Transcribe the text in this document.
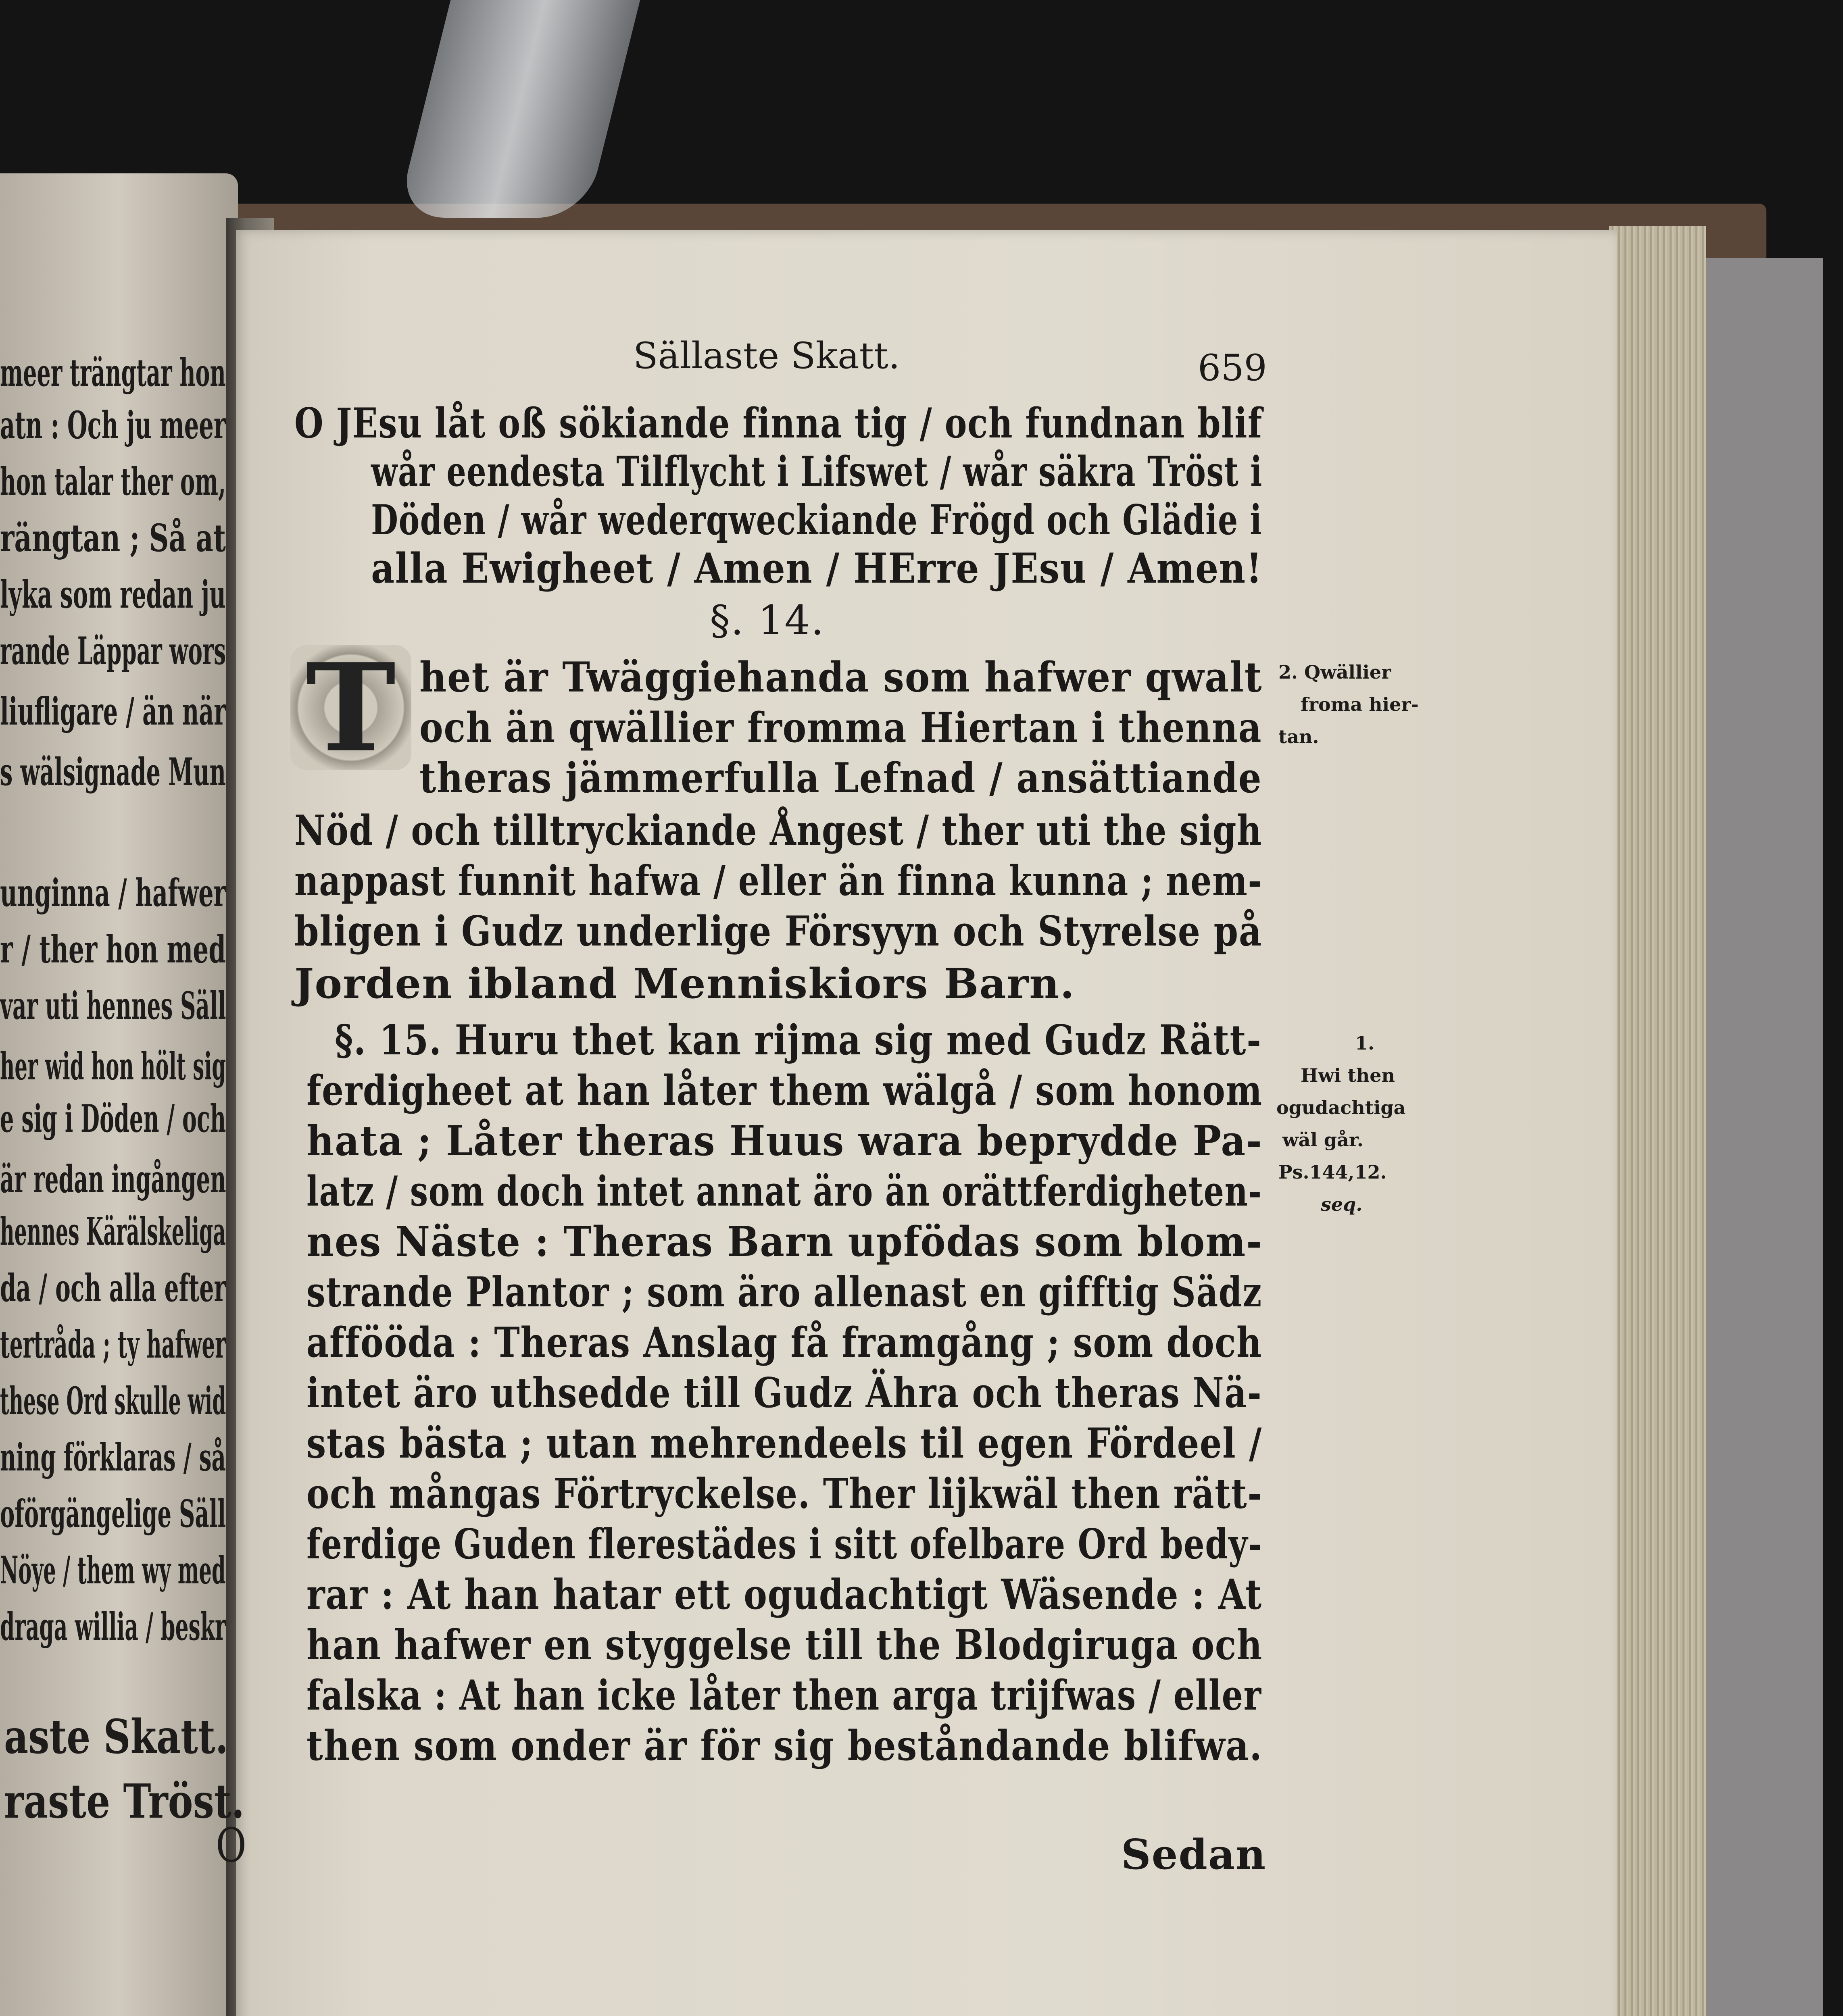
meer trängtar hon
atn : Och ju meer
hon talar ther om,
rängtan ; Så at
lyka som redan ju
rande Läppar wors
liufligare / än när
s wälsignade Mun
unginna / hafwer
r / ther hon med
var uti hennes Säll
her wid hon hölt sig
e sig i Döden / och
är redan ingången
hennes Kärälskeliga
da / och alla efter
tertråda ; ty hafwer
these Ord skulle wid
ning förklaras / så
oförgängelige Säll
Nöye / them wy med
draga willia / beskr
aste Skatt.
raste Tröst.
O
Sällaste Skatt.	659
T
O JEsu låt oß sökiande finna tig / och fundnan blif
wår eendesta Tilflycht i Lifswet / wår säkra Tröst i
Döden / wår wederqweckiande Frögd och Glädie i
alla Ewigheet / Amen / HErre JEsu / Amen!
§. 14.
het är Twäggiehanda som hafwer qwalt
och än qwällier fromma Hiertan i thenna
theras jämmerfulla Lefnad / ansättiande
Nöd / och tilltryckiande Ångest / ther uti the sigh
nappast funnit hafwa / eller än finna kunna ; nem-
bligen i Gudz underlige Försyyn och Styrelse på
Jorden ibland Menniskiors Barn.
§. 15. Huru thet kan rijma sig med Gudz Rätt-
ferdigheet at han låter them wälgå / som honom
hata ; Låter theras Huus wara beprydde Pa-
latz / som doch intet annat äro än orättferdigheten-
nes Näste : Theras Barn upfödas som blom-
strande Plantor ; som äro allenast en gifftig Sädz
affööda : Theras Anslag få framgång ; som doch
intet äro uthsedde till Gudz Ähra och theras Nä-
stas bästa ; utan mehrendeels til egen Fördeel /
och mångas Förtryckelse. Ther lijkwäl then rätt-
ferdige Guden flerestädes i sitt ofelbare Ord bedy-
rar : At han hatar ett ogudachtigt Wäsende : At
han hafwer en styggelse till the Blodgiruga och
falska : At han icke låter then arga trijfwas / eller
then som onder är för sig beståndande blifwa.
Sedan
2. Qwällier
froma hier-
tan.
1.
Hwi then
ogudachtiga
wäl går.
Ps.144,12.
seq.
